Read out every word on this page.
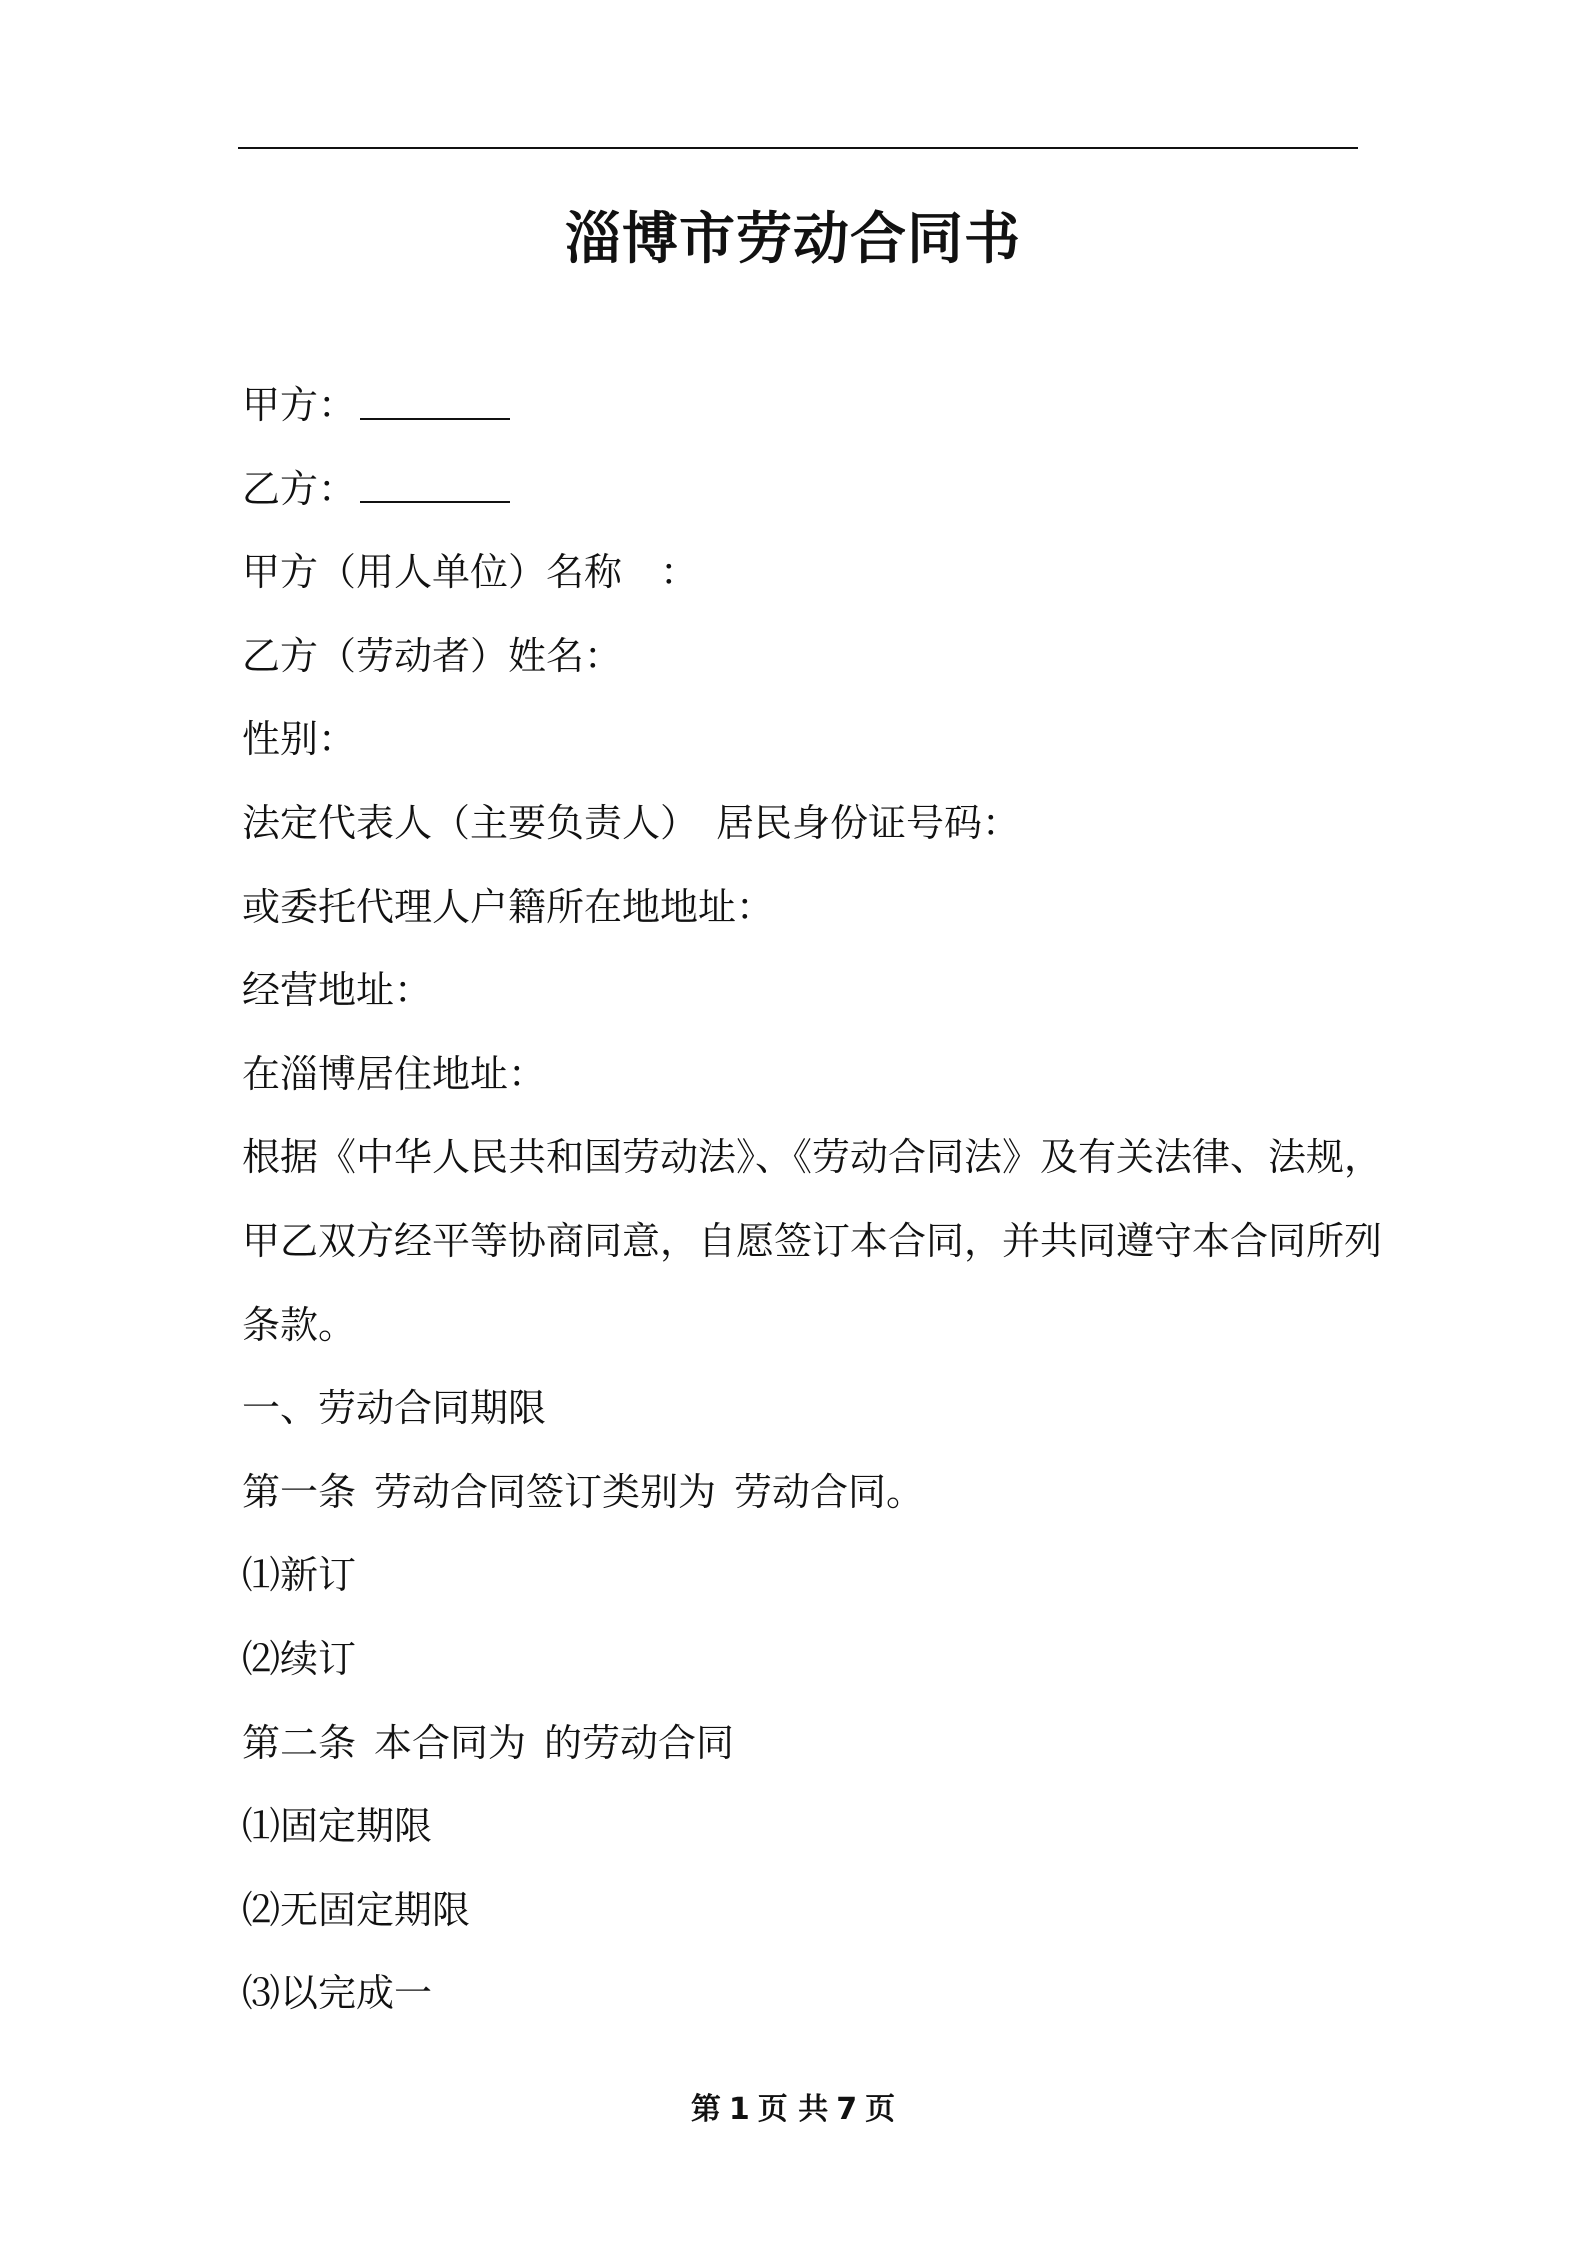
淄博市劳动合同书

甲方：

乙方：

甲方（用人单位）名称　：

乙方（劳动者）姓名：

性别：

法定代表人（主要负责人） 居民身份证号码：

或委托代理人户籍所在地地址：

经营地址：

在淄博居住地址：

根据《中华人民共和国劳动法》、《劳动合同法》及有关法律、法规，

甲乙双方经平等协商同意，自愿签订本合同，并共同遵守本合同所列

条款。

一、劳动合同期限

第一条 劳动合同签订类别为 劳动合同。

⑴新订

⑵续订

第二条 本合同为 的劳动合同

⑴固定期限

⑵无固定期限

⑶以完成一

第 1 页 共 7 页
